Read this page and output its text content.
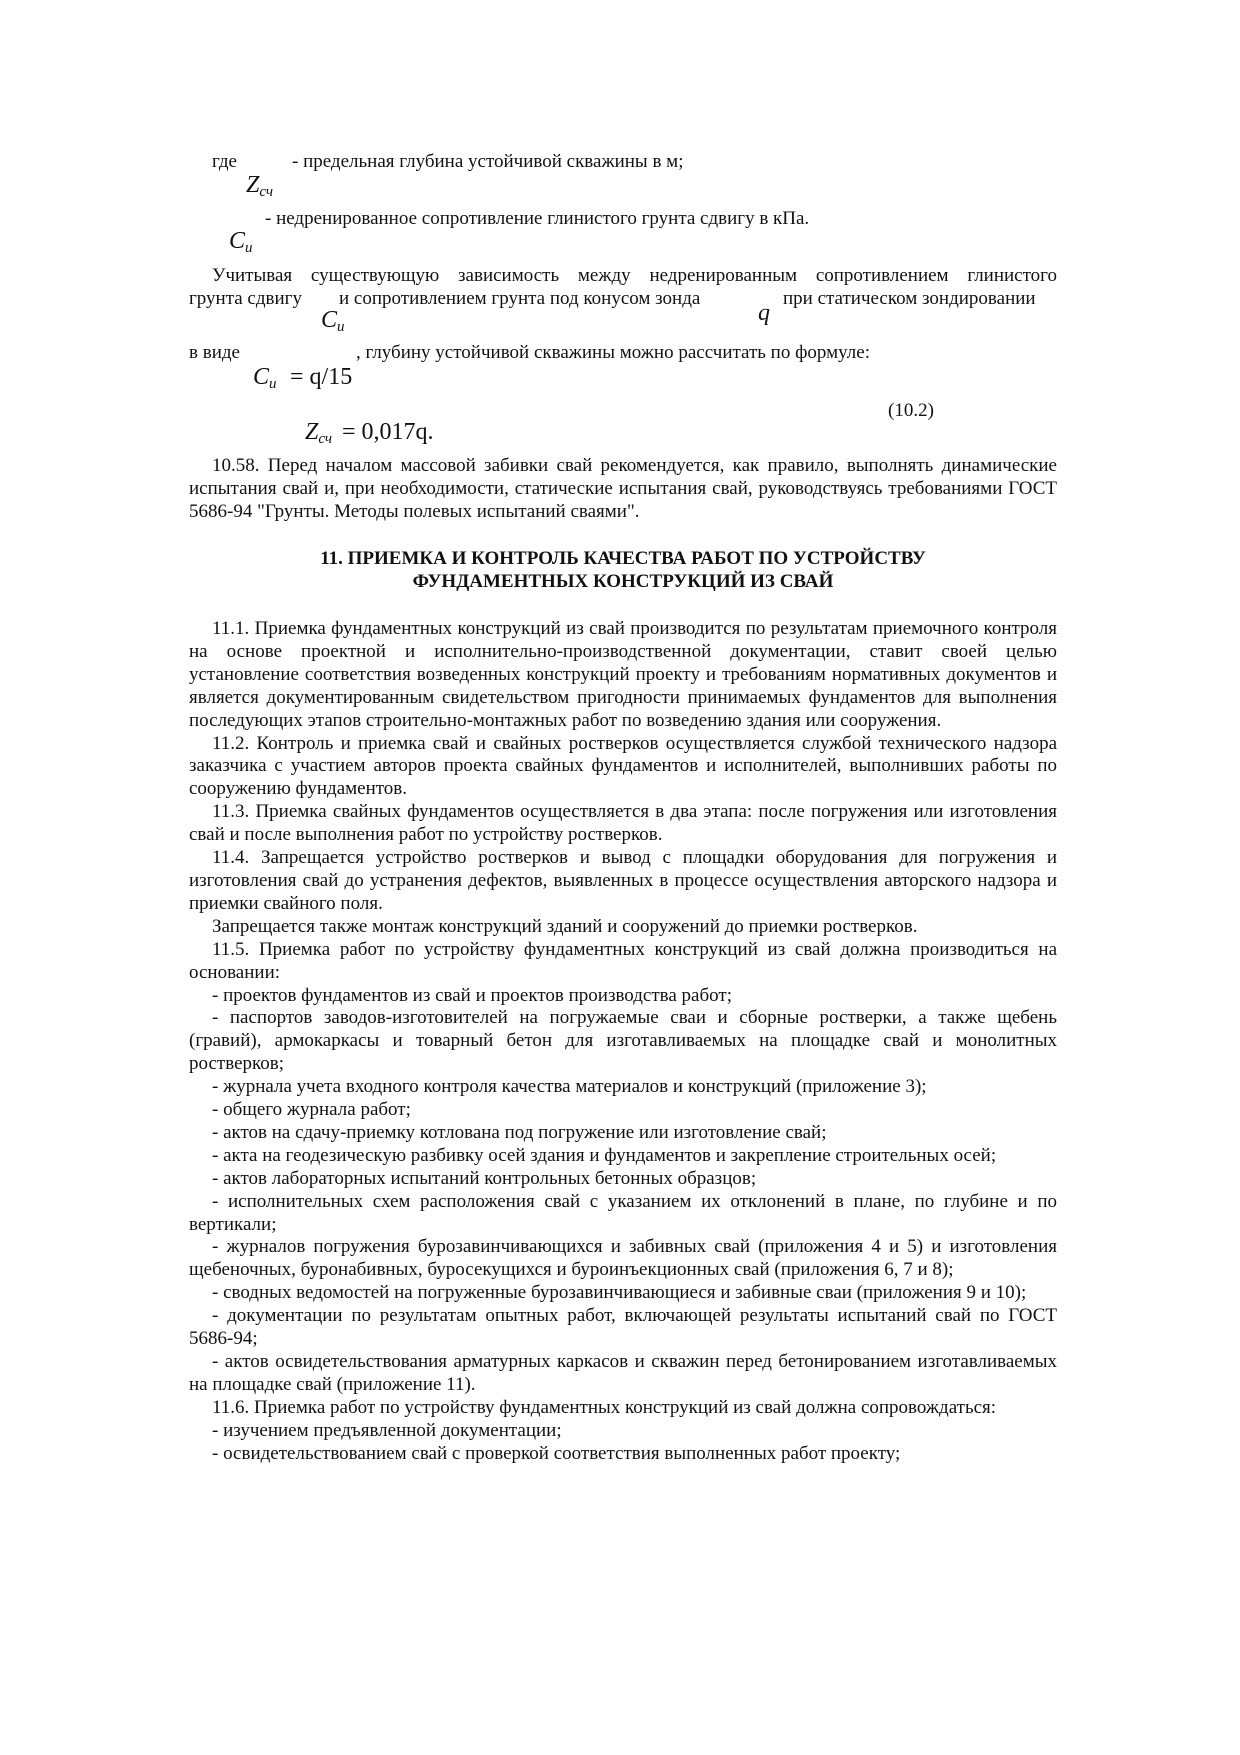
где	- предельная глубина устойчивой скважины в м;
$Z_{сч}$
- недренированное сопротивление глинистого грунта сдвигу в кПа.
$C_u$
Учитывая существующую зависимость между недренированным сопротивлением глинистого
грунта сдвигу и сопротивлением грунта под конусом зонда	при статическом зондировании
$C_u$
q
в виде	, глубину устойчивой скважины можно рассчитать по формуле:
$C_u = q/15$
(10.2)
$Z_{сч} = 0,017q$.

10.58. Перед началом массовой забивки свай рекомендуется, как правило, выполнять динамические испытания свай и, при необходимости, статические испытания свай, руководствуясь требованиями ГОСТ 5686-94 "Грунты. Методы полевых испытаний сваями".

11. ПРИЕМКА И КОНТРОЛЬ КАЧЕСТВА РАБОТ ПО УСТРОЙСТВУ
ФУНДАМЕНТНЫХ КОНСТРУКЦИЙ ИЗ СВАЙ

11.1. Приемка фундаментных конструкций из свай производится по результатам приемочного контроля на основе проектной и исполнительно-производственной документации, ставит своей целью установление соответствия возведенных конструкций проекту и требованиям нормативных документов и является документированным свидетельством пригодности принимаемых фундаментов для выполнения последующих этапов строительно-монтажных работ по возведению здания или сооружения.

11.2. Контроль и приемка свай и свайных ростверков осуществляется службой технического надзора заказчика с участием авторов проекта свайных фундаментов и исполнителей, выполнивших работы по сооружению фундаментов.

11.3. Приемка свайных фундаментов осуществляется в два этапа: после погружения или изготовления свай и после выполнения работ по устройству ростверков.

11.4. Запрещается устройство ростверков и вывод с площадки оборудования для погружения и изготовления свай до устранения дефектов, выявленных в процессе осуществления авторского надзора и приемки свайного поля.

Запрещается также монтаж конструкций зданий и сооружений до приемки ростверков.

11.5. Приемка работ по устройству фундаментных конструкций из свай должна производиться на основании:

- проектов фундаментов из свай и проектов производства работ;

- паспортов заводов-изготовителей на погружаемые сваи и сборные ростверки, а также щебень (гравий), армокаркасы и товарный бетон для изготавливаемых на площадке свай и монолитных ростверков;

- журнала учета входного контроля качества материалов и конструкций (приложение 3);

- общего журнала работ;

- актов на сдачу-приемку котлована под погружение или изготовление свай;

- акта на геодезическую разбивку осей здания и фундаментов и закрепление строительных осей;

- актов лабораторных испытаний контрольных бетонных образцов;

- исполнительных схем расположения свай с указанием их отклонений в плане, по глубине и по вертикали;

- журналов погружения бурозавинчивающихся и забивных свай (приложения 4 и 5) и изготовления щебеночных, буронабивных, буросекущихся и буроинъекционных свай (приложения 6, 7 и 8);

- сводных ведомостей на погруженные бурозавинчивающиеся и забивные сваи (приложения 9 и 10);

- документации по результатам опытных работ, включающей результаты испытаний свай по ГОСТ 5686-94;

- актов освидетельствования арматурных каркасов и скважин перед бетонированием изготавливаемых на площадке свай (приложение 11).

11.6. Приемка работ по устройству фундаментных конструкций из свай должна сопровождаться:

- изучением предъявленной документации;

- освидетельствованием свай с проверкой соответствия выполненных работ проекту;
